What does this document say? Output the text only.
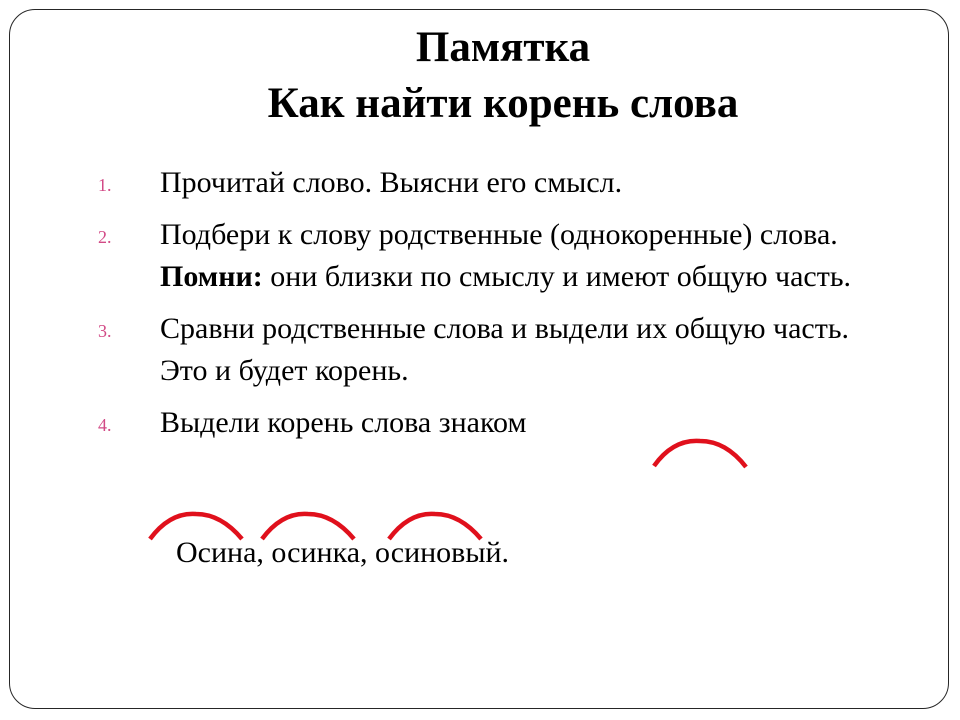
Памятка
Как найти корень слова
1. Прочитай слово. Выясни его смысл.
2. Подбери к слову родственные (однокоренные) слова. Помни: они близки по смыслу и имеют общую часть.
3. Сравни родственные слова и выдели их общую часть. Это и будет корень.
4. Выдели корень слова знаком

Осина, осинка, осиновый.
